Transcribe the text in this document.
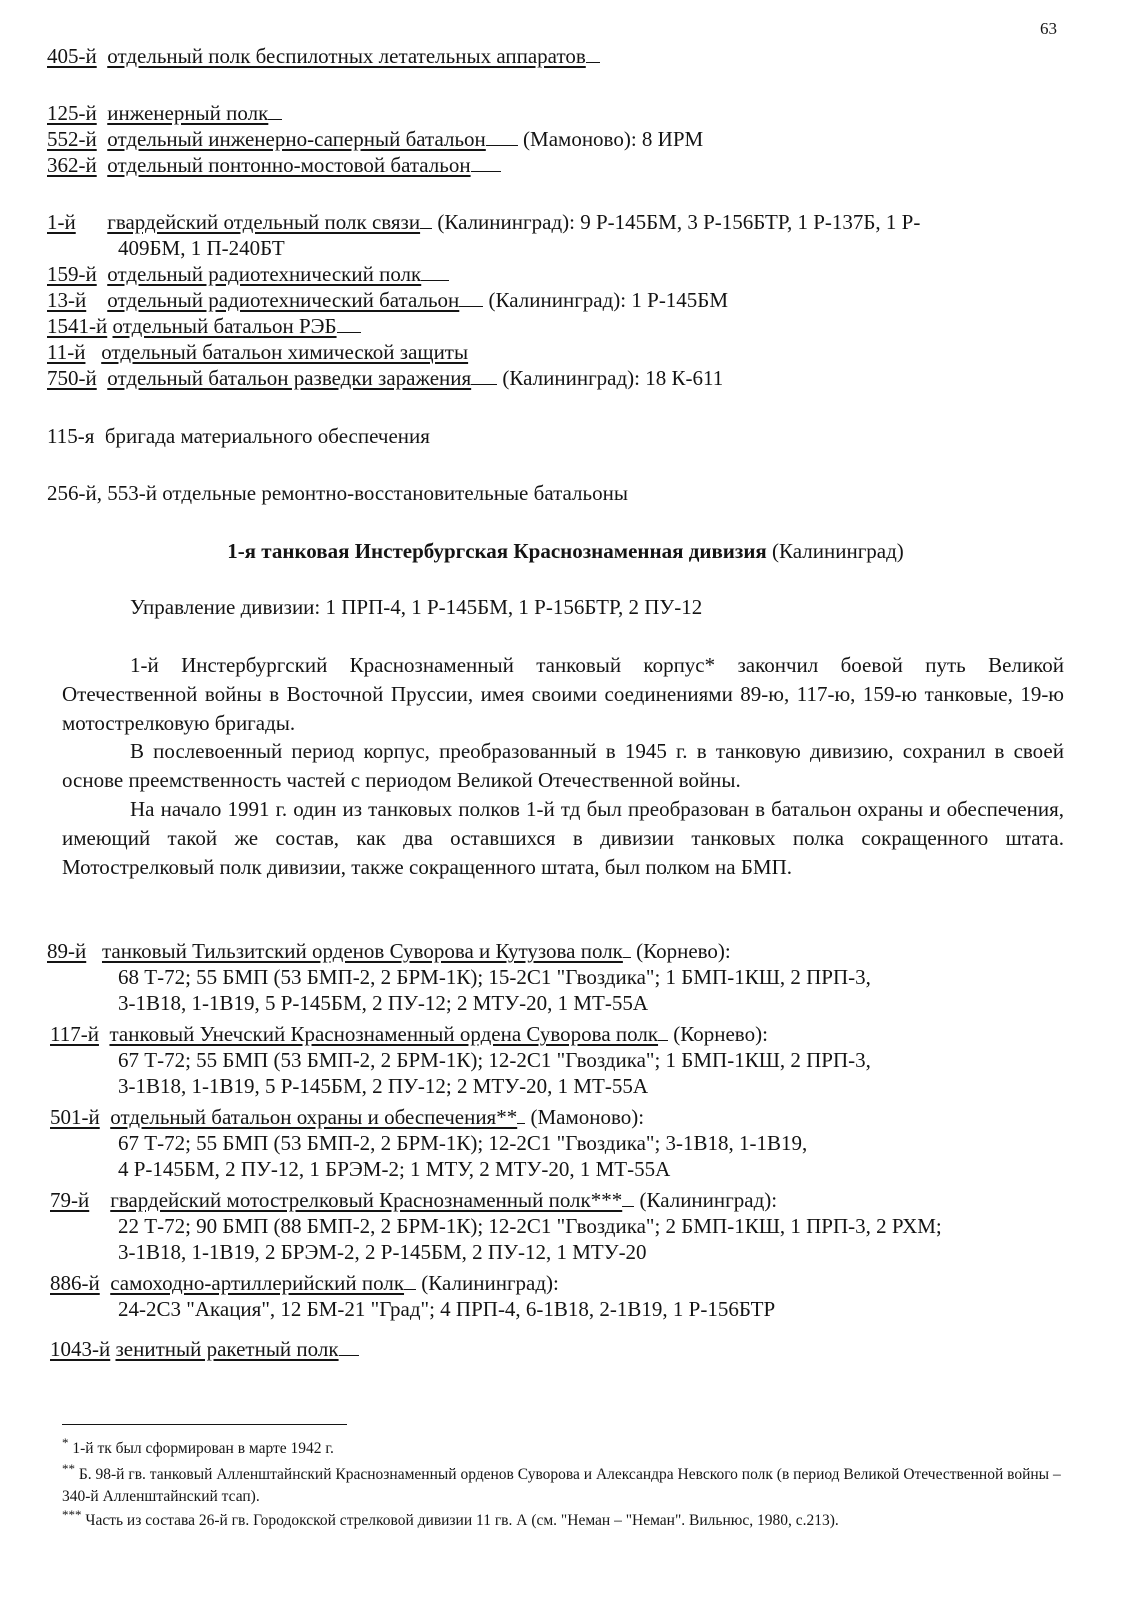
63
405-й отдельный полк беспилотных летательных аппаратов
125-й инженерный полк
552-й отдельный инженерно-саперный батальон (Мамоново): 8 ИРМ
362-й отдельный понтонно-мостовой батальон
1-й гвардейский отдельный полк связи (Калининград): 9 Р-145БМ, 3 Р-156БТР, 1 Р-137Б, 1 Р-
409БМ, 1 П-240БТ
159-й отдельный радиотехнический полк
13-й отдельный радиотехнический батальон (Калининград): 1 Р-145БМ
1541-й отдельный батальон РЭБ
11-й отдельный батальон химической защиты
750-й отдельный батальон разведки заражения (Калининград): 18 К-611
115-я  бригада материального обеспечения
256-й, 553-й отдельные ремонтно-восстановительные батальоны
1-я танковая Инстербургская Краснознаменная дивизия (Калининград)
Управление дивизии: 1 ПРП-4, 1 Р-145БМ, 1 Р-156БТР, 2 ПУ-12

1-й Инстербургский Краснознаменный танковый корпус* закончил боевой путь Великой Отечественной войны в Восточной Пруссии, имея своими соединениями 89-ю, 117-ю, 159-ю танковые, 19-ю мотострелковую бригады.

В послевоенный период корпус, преобразованный в 1945 г. в танковую дивизию, сохранил в своей основе преемственность частей с периодом Великой Отечественной войны.

На начало 1991 г. один из танковых полков 1-й тд был преобразован в батальон охраны и обеспечения, имеющий такой же состав, как два оставшихся в дивизии танковых полка сокращенного штата. Мотострелковый полк дивизии, также сокращенного штата, был полком на БМП.

89-й танковый Тильзитский орденов Суворова и Кутузова полк (Корнево):
68 Т-72; 55 БМП (53 БМП-2, 2 БРМ-1К); 15-2С1 "Гвоздика"; 1 БМП-1КШ, 2 ПРП-3,
3-1В18, 1-1В19, 5 Р-145БМ, 2 ПУ-12; 2 МТУ-20, 1 МТ-55А
117-й танковый Унечский Краснознаменный ордена Суворова полк (Корнево):
67 Т-72; 55 БМП (53 БМП-2, 2 БРМ-1К); 12-2С1 "Гвоздика"; 1 БМП-1КШ, 2 ПРП-3,
3-1В18, 1-1В19, 5 Р-145БМ, 2 ПУ-12; 2 МТУ-20, 1 МТ-55А
501-й отдельный батальон охраны и обеспечения** (Мамоново):
67 Т-72; 55 БМП (53 БМП-2, 2 БРМ-1К); 12-2С1 "Гвоздика"; 3-1В18, 1-1В19,
4 Р-145БМ, 2 ПУ-12, 1 БРЭМ-2; 1 МТУ, 2 МТУ-20, 1 МТ-55А
79-й гвардейский мотострелковый Краснознаменный полк*** (Калининград):
22 Т-72; 90 БМП (88 БМП-2, 2 БРМ-1К); 12-2С1 "Гвоздика"; 2 БМП-1КШ, 1 ПРП-3, 2 РХМ;
3-1В18, 1-1В19, 2 БРЭМ-2, 2 Р-145БМ, 2 ПУ-12, 1 МТУ-20
886-й самоходно-артиллерийский полк (Калининград):
24-2С3 "Акация", 12 БМ-21 "Град"; 4 ПРП-4, 6-1В18, 2-1В19, 1 Р-156БТР
1043-й зенитный ракетный полк
* 1-й тк был сформирован в марте 1942 г.
** Б. 98-й гв. танковый Алленштайнский Краснознаменный орденов Суворова и Александра Невского полк (в период Великой Отечественной войны – 340-й Алленштайнский тсап).
*** Часть из состава 26-й гв. Городокской стрелковой дивизии 11 гв. А (см. "Неман – "Неман". Вильнюс, 1980, с.213).
